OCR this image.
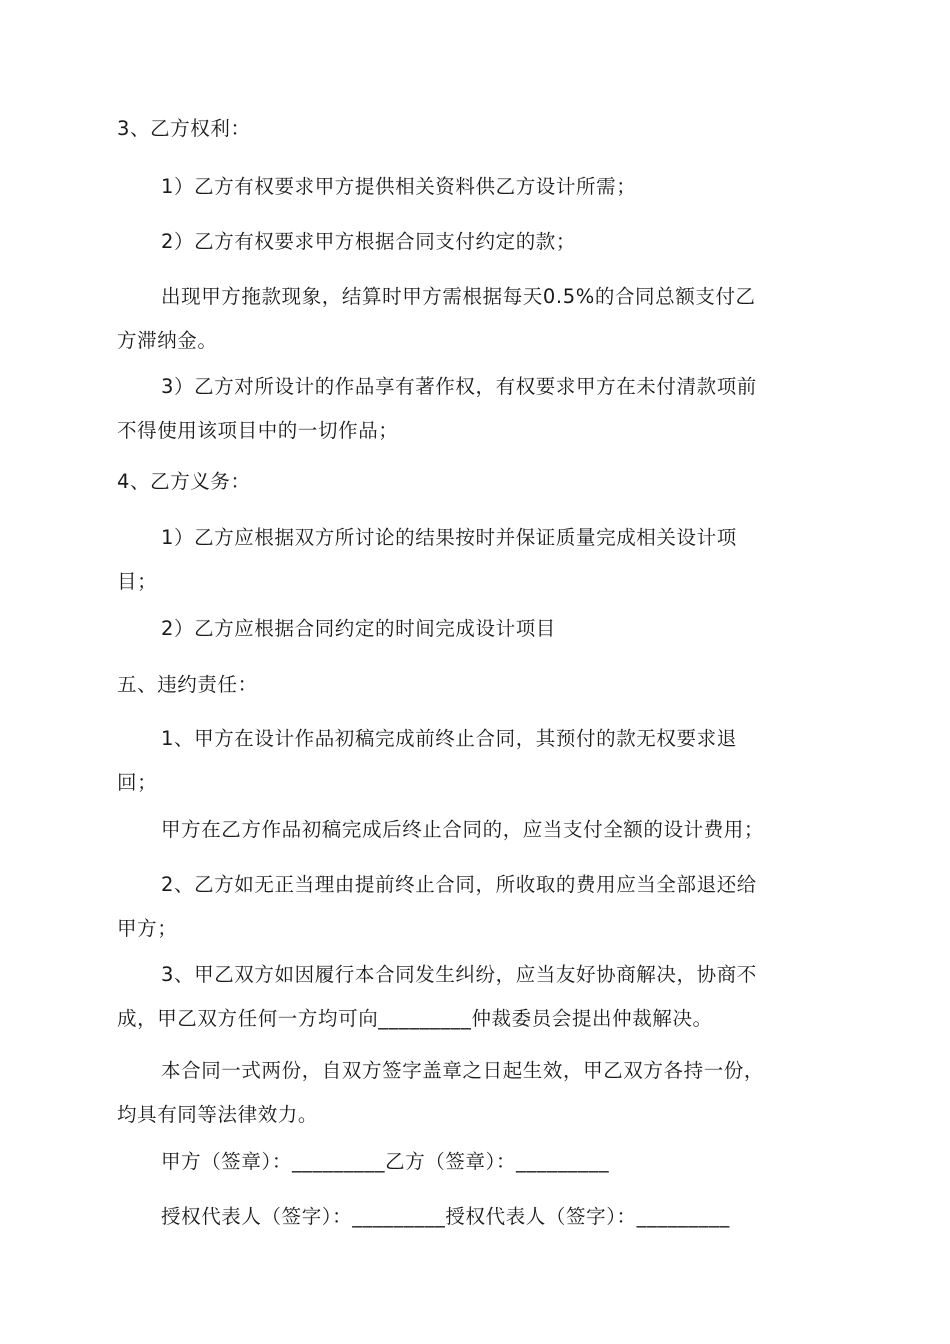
3、乙方权利：

1）乙方有权要求甲方提供相关资料供乙方设计所需；

2）乙方有权要求甲方根据合同支付约定的款；

出现甲方拖款现象，结算时甲方需根据每天0.5%的合同总额支付乙
方滞纳金。

3）乙方对所设计的作品享有著作权，有权要求甲方在未付清款项前
不得使用该项目中的一切作品；

4、乙方义务：

1）乙方应根据双方所讨论的结果按时并保证质量完成相关设计项
目；

2）乙方应根据合同约定的时间完成设计项目

五、违约责任：

1、甲方在设计作品初稿完成前终止合同，其预付的款无权要求退
回；

甲方在乙方作品初稿完成后终止合同的，应当支付全额的设计费用；

2、乙方如无正当理由提前终止合同，所收取的费用应当全部退还给
甲方；

3、甲乙双方如因履行本合同发生纠纷，应当友好协商解决，协商不
成，甲乙双方任何一方均可向_________仲裁委员会提出仲裁解决。

本合同一式两份，自双方签字盖章之日起生效，甲乙双方各持一份，
均具有同等法律效力。

甲方（签章）：_________乙方（签章）：_________

授权代表人（签字）：_________授权代表人（签字）：_________
